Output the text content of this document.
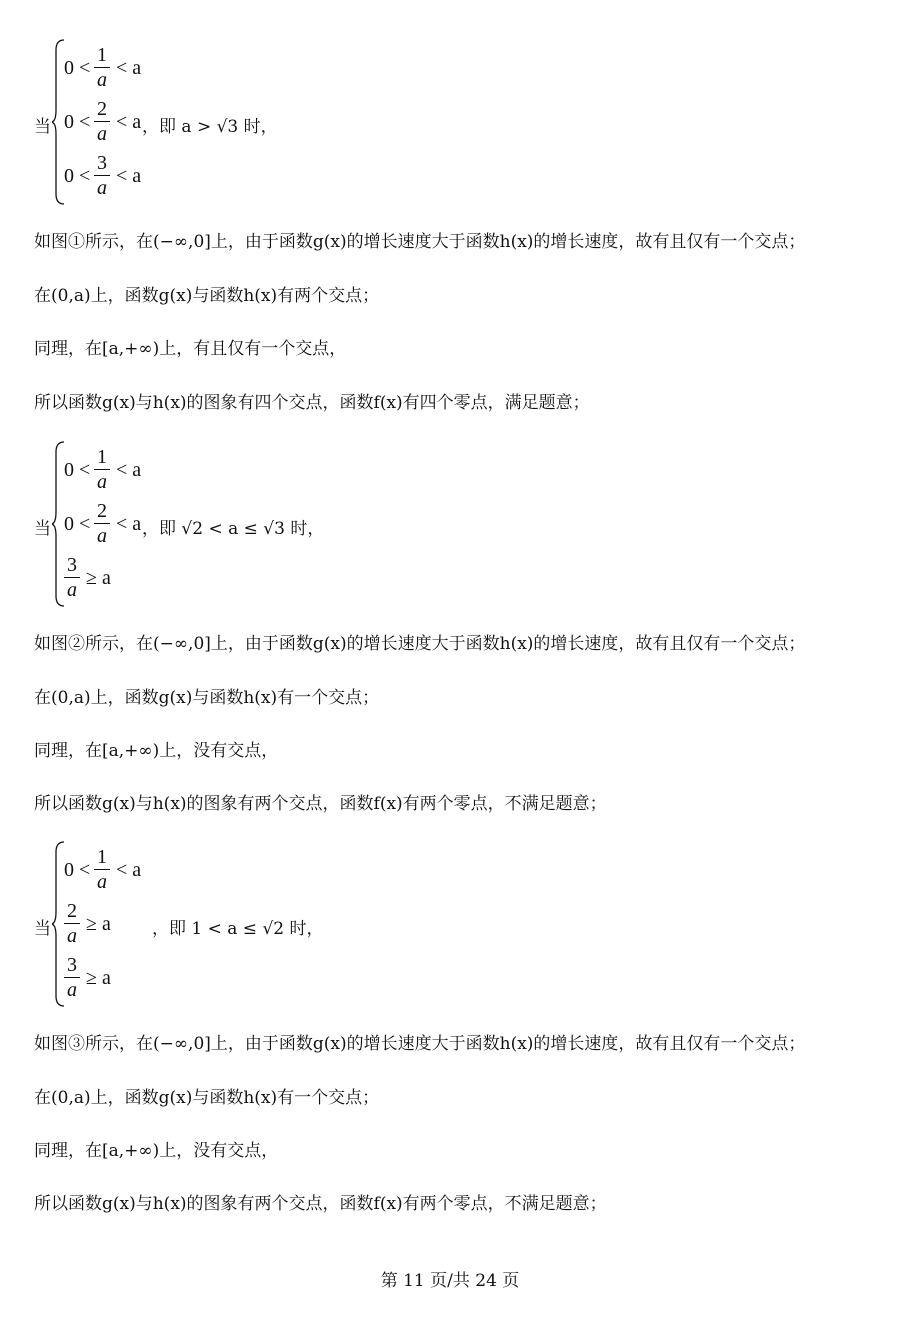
当
0 <
1
a
< a
0 <
2
a
< a
0 <
3
a
< a
，即 a > √3 时，
如图①所示，在(−∞,0]上，由于函数g(x)的增长速度大于函数h(x)的增长速度，故有且仅有一个交点；
在(0,a)上，函数g(x)与函数h(x)有两个交点；
同理，在[a,+∞)上，有且仅有一个交点，
所以函数g(x)与h(x)的图象有四个交点，函数f(x)有四个零点，满足题意；
当
0 <
1
a
< a
0 <
2
a
< a
3
a
≥ a
，即 √2 < a ≤ √3 时，
如图②所示，在(−∞,0]上，由于函数g(x)的增长速度大于函数h(x)的增长速度，故有且仅有一个交点；
在(0,a)上，函数g(x)与函数h(x)有一个交点；
同理，在[a,+∞)上，没有交点，
所以函数g(x)与h(x)的图象有两个交点，函数f(x)有两个零点，不满足题意；
当
0 <
1
a
< a
2
a
≥ a
3
a
≥ a
，即 1 < a ≤ √2 时，
如图③所示，在(−∞,0]上，由于函数g(x)的增长速度大于函数h(x)的增长速度，故有且仅有一个交点；
在(0,a)上，函数g(x)与函数h(x)有一个交点；
同理，在[a,+∞)上，没有交点，
所以函数g(x)与h(x)的图象有两个交点，函数f(x)有两个零点，不满足题意；
第 11 页/共 24 页
